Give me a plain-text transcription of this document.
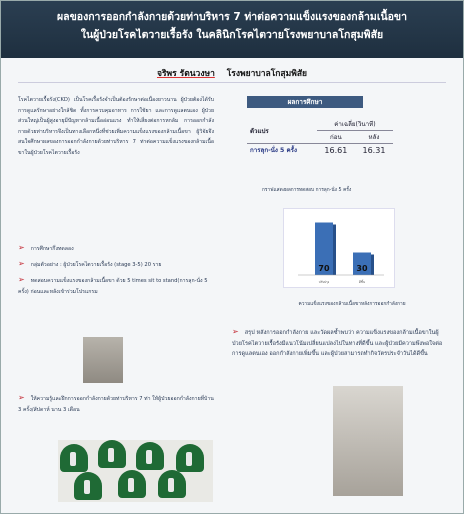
ผลของการออกกำลังกายด้วยท่าบริหาร 7 ท่าต่อความแข็งแรงของกล้ามเนื้อขา
ในผู้ป่วยโรคไตวายเรื้อรัง ในคลินิกโรคไตวายโรงพยาบาลโกสุมพิสัย
จริพร รัตนวงษา โรงพยาบาลโกสุมพิสัย
โรคไตวายเรื้อรัง(CKD) เป็นโรคเรื้อรังจำเป็นต้องรักษาต่อเนื่องยาวนาน ผู้ป่วยต้องได้รับการดูแลรักษาอย่างใกล้ชิด ทั้งการควบคุมอาหาร การใช้ยา และการดูแลตนเอง ผู้ป่วยส่วนใหญ่เป็นผู้สูงอายุมีปัญหากล้ามเนื้ออ่อนแรง ทำให้เสี่ยงต่อการหกล้ม การออกกำลังกายด้วยท่าบริหารจึงเป็นทางเลือกหนึ่งที่ช่วยเพิ่มความแข็งแรงของกล้ามเนื้อขา ผู้วิจัยจึงสนใจศึกษาผลของการออกกำลังกายด้วยท่าบริหาร 7 ท่าต่อความแข็งแรงของกล้ามเนื้อขาในผู้ป่วยโรคไตวายเรื้อรัง
➢ การศึกษากึ่งทดลอง
➢ กลุ่มตัวอย่าง : ผู้ป่วยโรคไตวายเรื้อรัง (stage 3-5) 20 ราย
➢ ทดสอบความแข็งแรงของกล้ามเนื้อขา ด้วย 5 times sit to stand(การลุก-นั่ง 5 ครั้ง) ก่อนและหลังเข้าร่วมโปรแกรม
➢ ให้ความรู้และฝึกการออกกำลังกายด้วยท่าบริหาร 7 ท่า ให้ผู้ป่วยออกกำลังกายที่บ้าน 3 ครั้ง/สัปดาห์ นาน 3 เดือน
ผลการศึกษา
ตัวแปร	ค่าเฉลี่ย(วินาที)	
	ก่อน	หลัง
การลุก-นั่ง 5 ครั้ง	16.61	16.31
กราฟแสดงผลการทดสอบ การลุก-นั่ง 5 ครั้ง
70
ปรับปรุง
30
ดีขึ้น
ความแข็งแรงของกล้ามเนื้อขาหลังการออกกำลังกาย
➢ สรุป หลังการออกกำลังกาย และวัดผลซ้ำพบว่า ความแข็งแรงของกล้ามเนื้อขาในผู้ป่วยโรคไตวายเรื้อรังมีแนวโน้มเปลี่ยนแปลงไปในทางที่ดีขึ้น และผู้ป่วยมีความพึงพอใจต่อการดูแลตนเอง ออกกำลังกายเพิ่มขึ้น และผู้ป่วยสามารถทำกิจวัตรประจำวันได้ดีขึ้น
